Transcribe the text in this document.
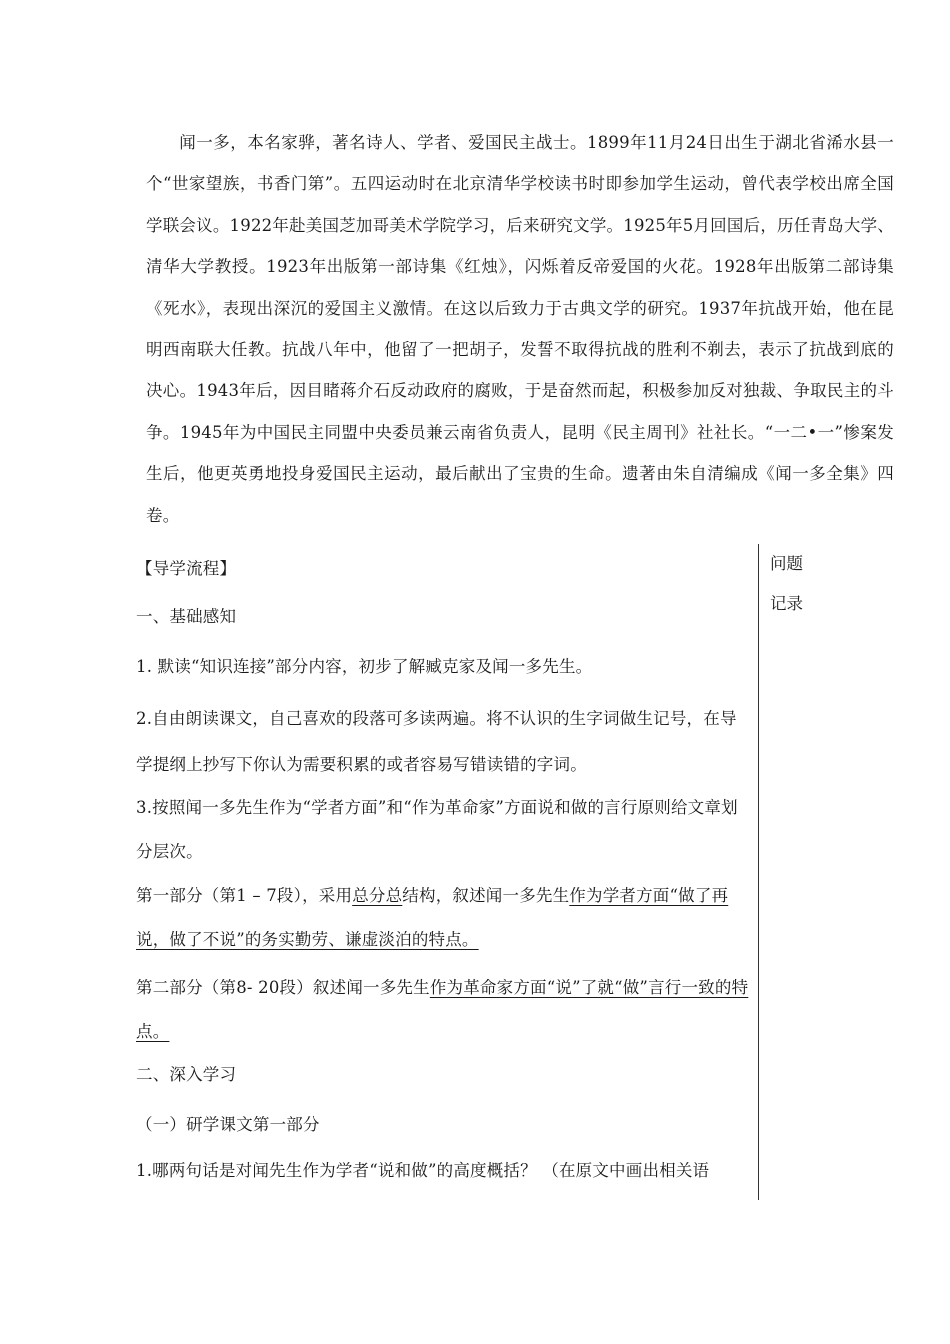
闻一多，本名家骅，著名诗人、学者、爱国民主战士。1899年11月24日出生于湖北省浠水县一个“世家望族，书香门第”。五四运动时在北京清华学校读书时即参加学生运动，曾代表学校出席全国学联会议。1922年赴美国芝加哥美术学院学习，后来研究文学。1925年5月回国后，历任青岛大学、清华大学教授。1923年出版第一部诗集《红烛》，闪烁着反帝爱国的火花。1928年出版第二部诗集《死水》，表现出深沉的爱国主义激情。在这以后致力于古典文学的研究。1937年抗战开始，他在昆明西南联大任教。抗战八年中，他留了一把胡子，发誓不取得抗战的胜利不剃去，表示了抗战到底的决心。1943年后，因目睹蒋介石反动政府的腐败，于是奋然而起，积极参加反对独裁、争取民主的斗争。1945年为中国民主同盟中央委员兼云南省负责人，昆明《民主周刊》社社长。“一二•一”惨案发生后，他更英勇地投身爱国民主运动，最后献出了宝贵的生命。遗著由朱自清编成《闻一多全集》四卷。
问题
记录

【导学流程】

一、基础感知

1. 默读“知识连接”部分内容，初步了解臧克家及闻一多先生。

2.自由朗读课文，自己喜欢的段落可多读两遍。将不认识的生字词做生记号，在导学提纲上抄写下你认为需要积累的或者容易写错读错的字词。

3.按照闻一多先生作为“学者方面”和“作为革命家”方面说和做的言行原则给文章划分层次。

第一部分（第1 – 7段），采用总分总结构，叙述闻一多先生作为学者方面“做了再说，做了不说”的务实勤劳、谦虚淡泊的特点。

第二部分（第8- 20段）叙述闻一多先生作为革命家方面“说”了就“做”言行一致的特点。

二、深入学习

（一）研学课文第一部分

1.哪两句话是对闻先生作为学者“说和做”的高度概括？ （在原文中画出相关语
